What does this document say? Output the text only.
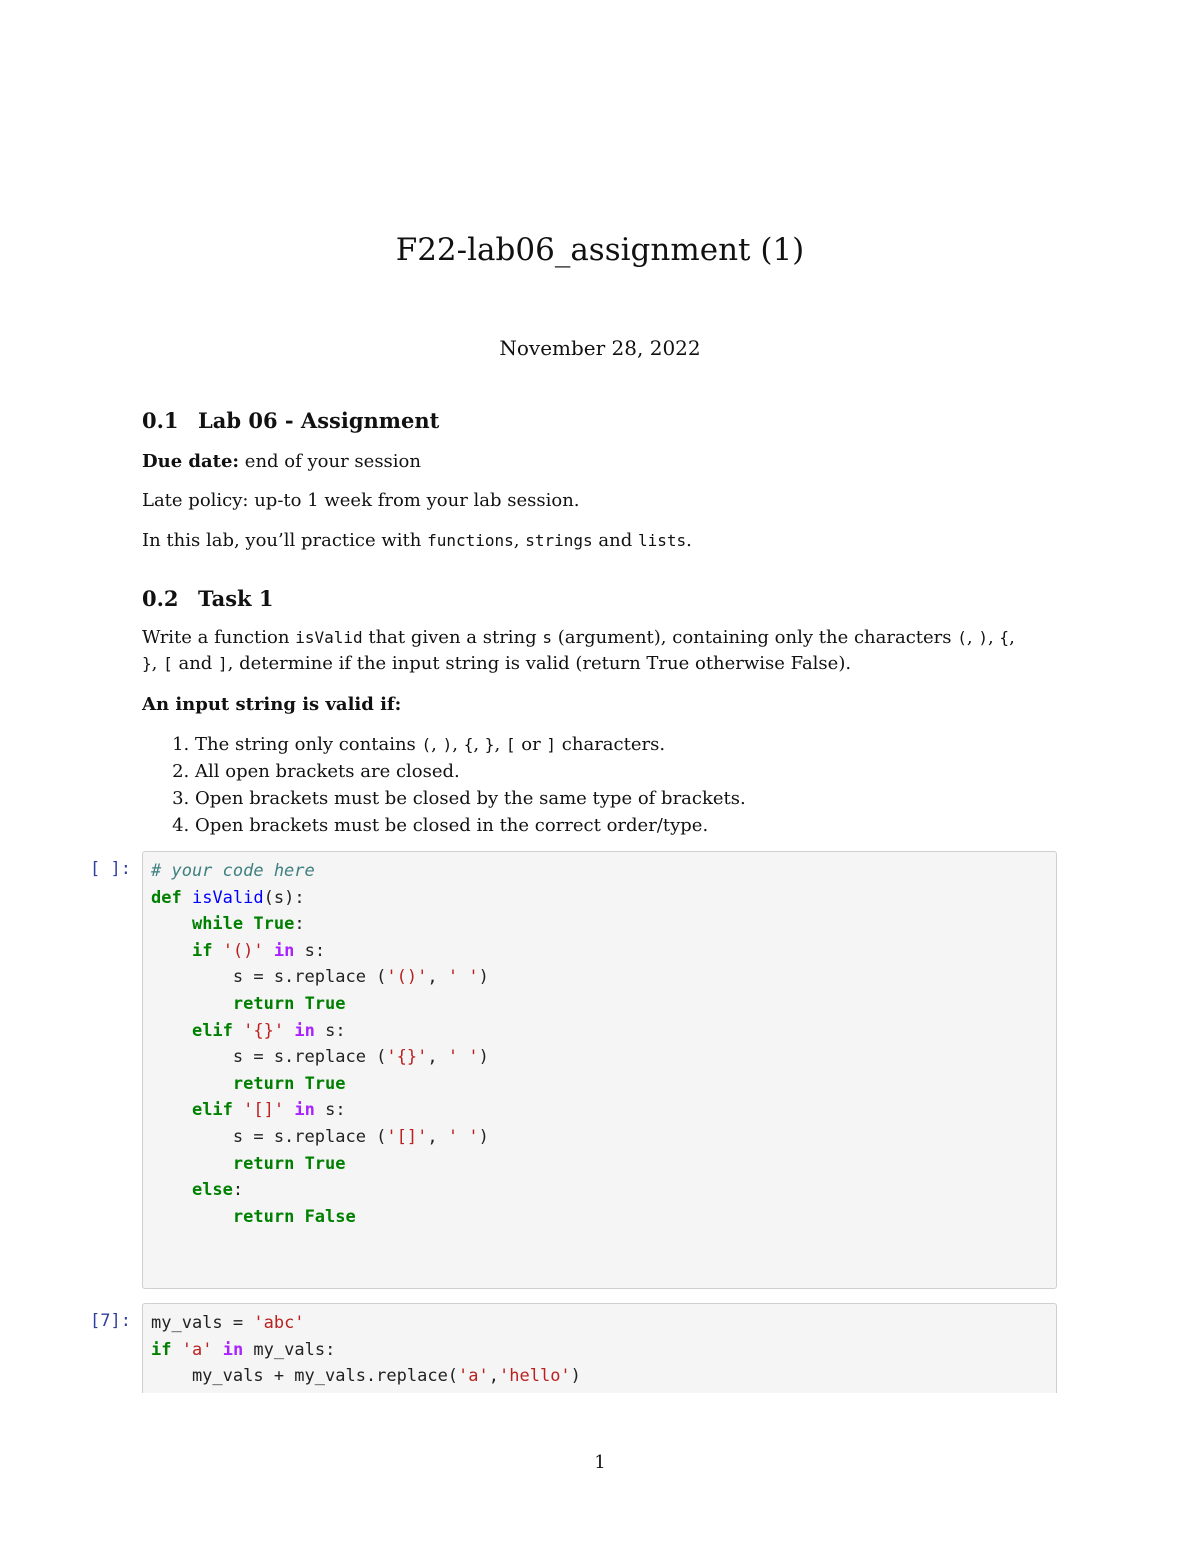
F22-lab06_assignment (1)
November 28, 2022
0.1 Lab 06 - Assignment
Due date: end of your session
Late policy: up-to 1 week from your lab session.
In this lab, you’ll practice with functions, strings and lists.
0.2 Task 1
Write a function isValid that given a string s (argument), containing only the characters (, ), {,
}, [ and ], determine if the input string is valid (return True otherwise False).
An input string is valid if:
1. The string only contains (, ), {, }, [ or ] characters.
2. All open brackets are closed.
3. Open brackets must be closed by the same type of brackets.
4. Open brackets must be closed in the correct order/type.
[ ]:	# your code here
def isValid(s):
while True:
if '()' in s:
s = s.replace ('()', ' ')
return True
elif '{}' in s:
s = s.replace ('{}', ' ')
return True
elif '[]' in s:
s = s.replace ('[]', ' ')
return True
else:
return False
[7]:	my_vals = 'abc'
if 'a' in my_vals:
my_vals + my_vals.replace('a','hello')
1
